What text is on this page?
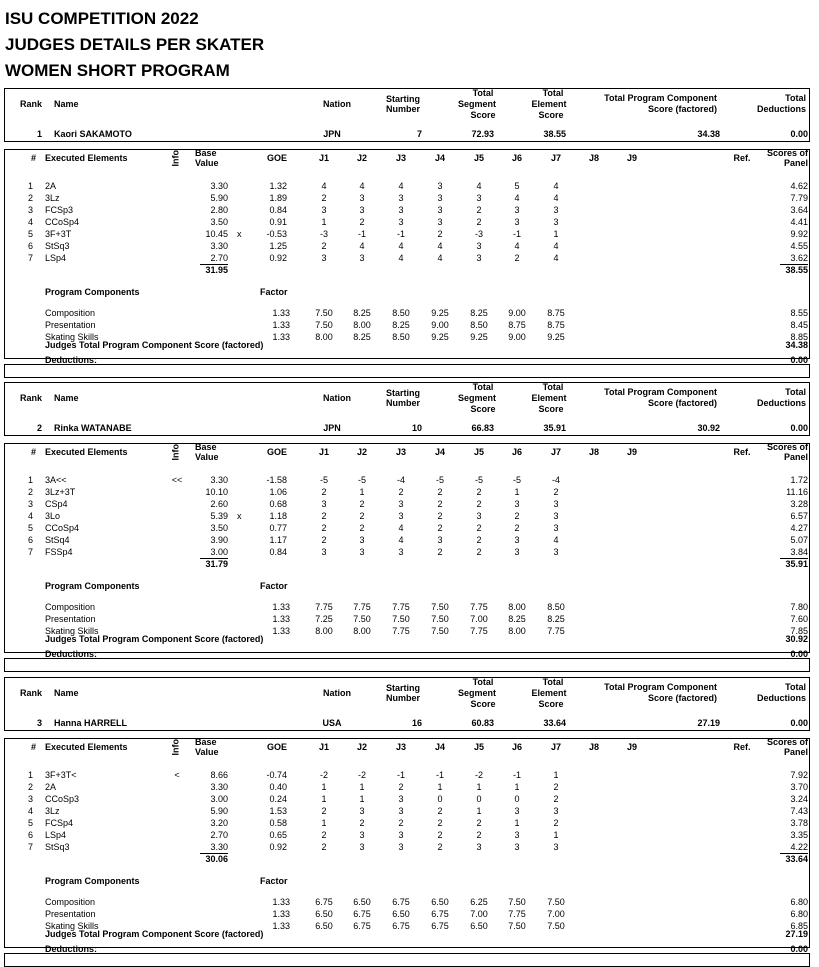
ISU COMPETITION 2022
JUDGES DETAILS PER SKATER
WOMEN SHORT PROGRAM
Rank Name	Nation	Starting
Number
Total
Segment
Score
Total
Element
Score
Total Program Component
Score (factored)
Total
Deductions
1 Kaori SAKAMOTO	JPN	7	72.93	38.55	34.38	0.00
# Executed Elements	Info Base
Value	GOE	J1	J2	J3	J4	J5	J6	J7	J8	J9	Ref.	Scores of
Panel
1 2A	3.30	1.32	4	4	4	3	4	5	4	4.62
2 3Lz	5.90	1.89	2	3	3	3	3	4	4	7.79
3 FCSp3	2.80	0.84	3	3	3	3	2	3	3	3.64
4 CCoSp4	3.50	0.91	1	2	3	3	2	3	3	4.41
5 3F+3T	10.45 x	-0.53	-3	-1	-1	2	-3	-1	1	9.92
6 StSq3	3.30	1.25	2	4	4	4	3	4	4	4.55
7 LSp4	2.70	0.92	3	3	4	4	3	2	4	3.62
31.95	38.55
Program Components	Factor
Composition	1.33	7.50	8.25	8.50	9.25	8.25	9.00	8.75	8.55
Presentation	1.33	7.50	8.00	8.25	9.00	8.50	8.75	8.75	8.45
Skating Skills	1.33	8.00	8.25	8.50	9.25	9.25	9.00	9.25	8.85
Judges Total Program Component Score (factored)	34.38
Deductions:	0.00
Rank Name	Nation	Starting
Number
Total
Segment
Score
Total
Element
Score
Total Program Component
Score (factored)
Total
Deductions
2 Rinka WATANABE	JPN	10	66.83	35.91	30.92	0.00
# Executed Elements	Info Base
Value	GOE	J1	J2	J3	J4	J5	J6	J7	J8	J9	Ref.	Scores of
Panel
1 3A<<	<<	3.30	-1.58	-5	-5	-4	-5	-5	-5	-4	1.72
2 3Lz+3T	10.10	1.06	2	1	2	2	2	1	2	11.16
3 CSp4	2.60	0.68	3	2	3	2	2	3	3	3.28
4 3Lo	5.39 x	1.18	2	2	3	2	3	2	3	6.57
5 CCoSp4	3.50	0.77	2	2	4	2	2	2	3	4.27
6 StSq4	3.90	1.17	2	3	4	3	2	3	4	5.07
7 FSSp4	3.00	0.84	3	3	3	2	2	3	3	3.84
31.79	35.91
Program Components	Factor
Composition	1.33	7.75	7.75	7.75	7.50	7.75	8.00	8.50	7.80
Presentation	1.33	7.25	7.50	7.50	7.50	7.00	8.25	8.25	7.60
Skating Skills	1.33	8.00	8.00	7.75	7.50	7.75	8.00	7.75	7.85
Judges Total Program Component Score (factored)	30.92
Deductions:	0.00
Rank Name	Nation	Starting
Number
Total
Segment
Score
Total
Element
Score
Total Program Component
Score (factored)
Total
Deductions
3 Hanna HARRELL	USA	16	60.83	33.64	27.19	0.00
# Executed Elements	Info Base
Value	GOE	J1	J2	J3	J4	J5	J6	J7	J8	J9	Ref.	Scores of
Panel
1 3F+3T<	<	8.66	-0.74	-2	-2	-1	-1	-2	-1	1	7.92
2 2A	3.30	0.40	1	1	2	1	1	1	2	3.70
3 CCoSp3	3.00	0.24	1	1	3	0	0	0	2	3.24
4 3Lz	5.90	1.53	2	3	3	2	1	3	3	7.43
5 FCSp4	3.20	0.58	1	2	2	2	2	1	2	3.78
6 LSp4	2.70	0.65	2	3	3	2	2	3	1	3.35
7 StSq3	3.30	0.92	2	3	3	2	3	3	3	4.22
30.06	33.64
Program Components	Factor
Composition	1.33	6.75	6.50	6.75	6.50	6.25	7.50	7.50	6.80
Presentation	1.33	6.50	6.75	6.50	6.75	7.00	7.75	7.00	6.80
Skating Skills	1.33	6.50	6.75	6.75	6.75	6.50	7.50	7.50	6.85
Judges Total Program Component Score (factored)	27.19
Deductions:	0.00
